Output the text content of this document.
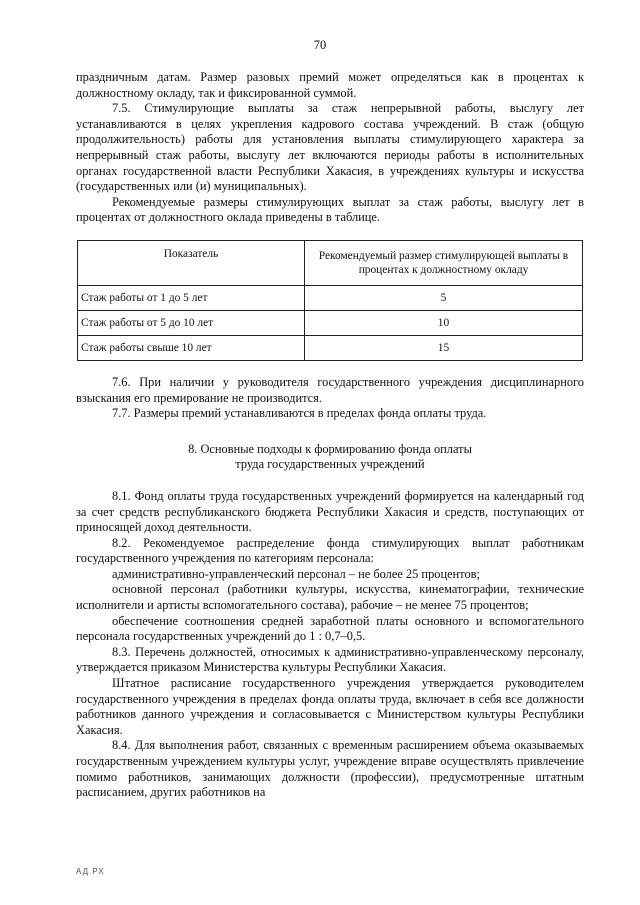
70

праздничным датам. Размер разовых премий может определяться как в процентах к должностному окладу, так и фиксированной суммой.

7.5. Стимулирующие выплаты за стаж непрерывной работы, выслугу лет устанавливаются в целях укрепления кадрового состава учреждений. В стаж (общую продолжительность) работы для установления выплаты стимулирующего характера за непрерывный стаж работы, выслугу лет включаются периоды работы в исполнительных органах государственной власти Республики Хакасия, в учреждениях культуры и искусства (государственных или (и) муниципальных).

Рекомендуемые размеры стимулирующих выплат за стаж работы, выслугу лет в процентах от должностного оклада приведены в таблице.

Показатель	Рекомендуемый размер стимулирующей выплаты в процентах к должностному окладу
Стаж работы от 1 до 5 лет	5
Стаж работы от 5 до 10 лет	10
Стаж работы свыше 10 лет	15

7.6. При наличии у руководителя государственного учреждения дисциплинарного взыскания его премирование не производится.

7.7. Размеры премий устанавливаются в пределах фонда оплаты труда.

8. Основные подходы к формированию фонда оплаты
труда государственных учреждений

8.1. Фонд оплаты труда государственных учреждений формируется на календарный год за счет средств республиканского бюджета Республики Хакасия и средств, поступающих от приносящей доход деятельности.

8.2. Рекомендуемое распределение фонда стимулирующих выплат работникам государственного учреждения по категориям персонала:

административно-управленческий персонал – не более 25 процентов;

основной персонал (работники культуры, искусства, кинематографии, технические исполнители и артисты вспомогательного состава), рабочие – не менее 75 процентов;

обеспечение соотношения средней заработной платы основного и вспомогательного персонала государственных учреждений до 1 : 0,7–0,5.

8.3. Перечень должностей, относимых к административно-управленческому персоналу, утверждается приказом Министерства культуры Республики Хакасия.

Штатное расписание государственного учреждения утверждается руководителем государственного учреждения в пределах фонда оплаты труда, включает в себя все должности работников данного учреждения и согласовывается с Министерством культуры Республики Хакасия.

8.4. Для выполнения работ, связанных с временным расширением объема оказываемых государственным учреждением культуры услуг, учреждение вправе осуществлять привлечение помимо работников, занимающих должности (профессии), предусмотренные штатным расписанием, других работников на

АД.РХ
